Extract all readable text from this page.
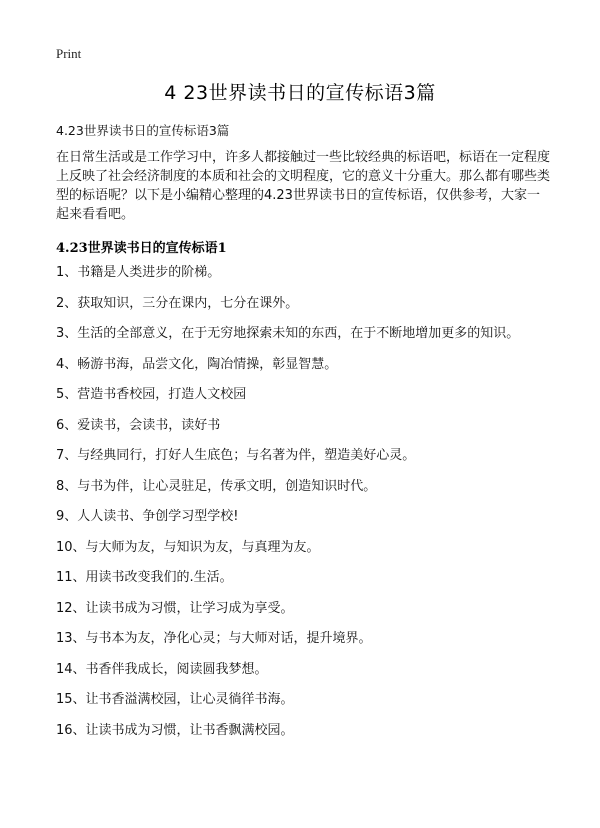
Print
4 23世界读书日的宣传标语3篇
4.23世界读书日的宣传标语3篇

在日常生活或是工作学习中，许多人都接触过一些比较经典的标语吧，标语在一定程度上反映了社会经济制度的本质和社会的文明程度，它的意义十分重大。那么都有哪些类型的标语呢？以下是小编精心整理的4.23世界读书日的宣传标语，仅供参考，大家一起来看看吧。

4.23世界读书日的宣传标语1
1、书籍是人类进步的阶梯。
2、获取知识，三分在课内，七分在课外。
3、生活的全部意义，在于无穷地探索未知的东西，在于不断地增加更多的知识。
4、畅游书海，品尝文化，陶冶情操，彰显智慧。
5、营造书香校园，打造人文校园
6、爱读书，会读书，读好书
7、与经典同行，打好人生底色；与名著为伴，塑造美好心灵。
8、与书为伴，让心灵驻足，传承文明，创造知识时代。
9、人人读书、争创学习型学校!
10、与大师为友，与知识为友，与真理为友。
11、用读书改变我们的.生活。
12、让读书成为习惯，让学习成为享受。
13、与书本为友，净化心灵；与大师对话，提升境界。
14、书香伴我成长，阅读圆我梦想。
15、让书香溢满校园，让心灵徜徉书海。
16、让读书成为习惯，让书香飘满校园。
